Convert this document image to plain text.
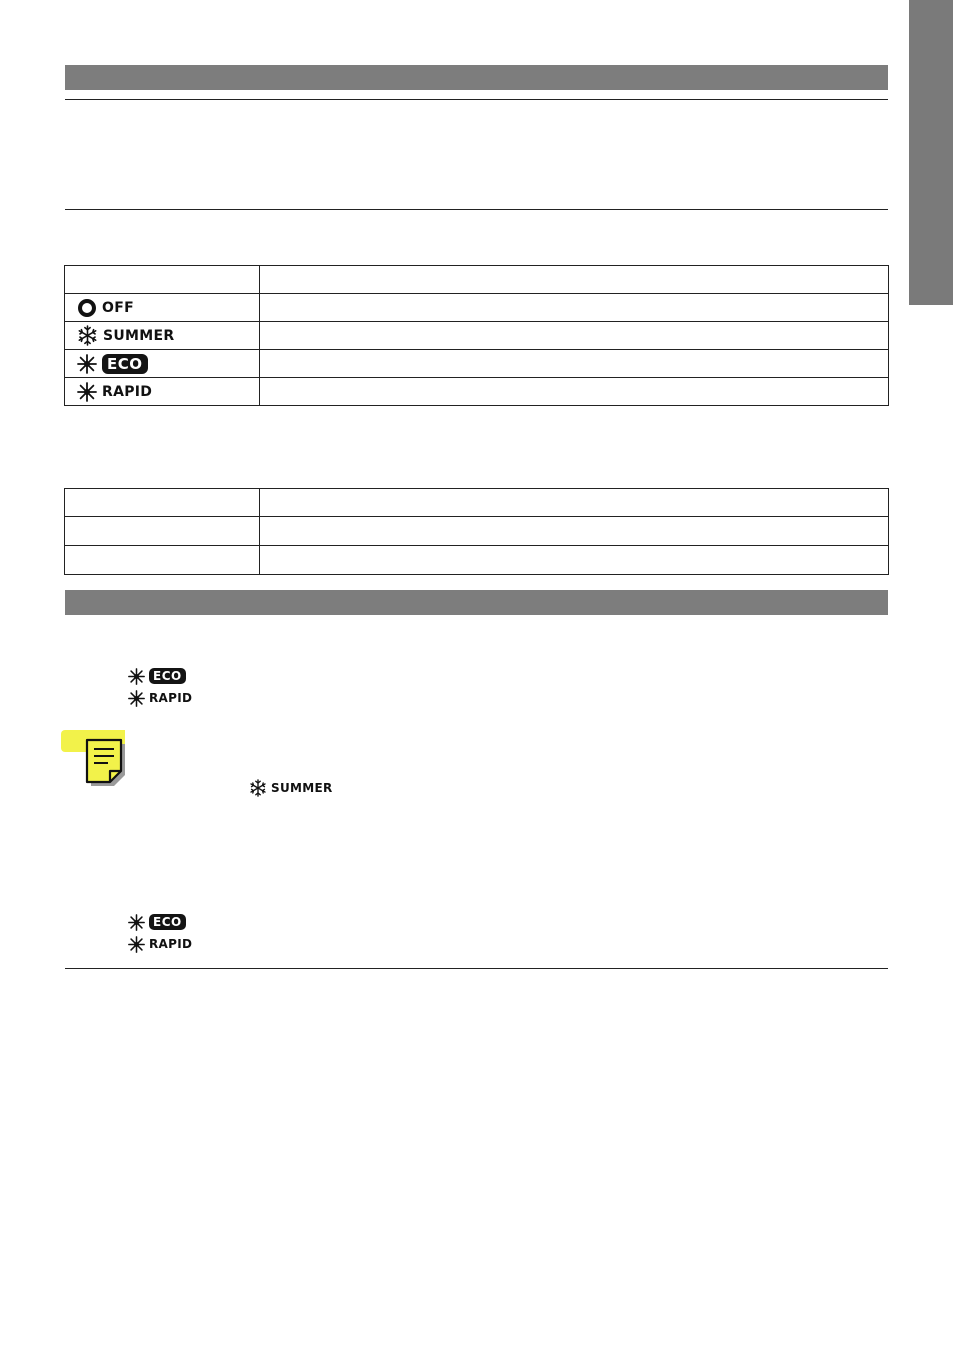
OFF	

SUMMER	

ECO	

RAPID	

ECO
RAPID
SUMMER
ECO
RAPID
